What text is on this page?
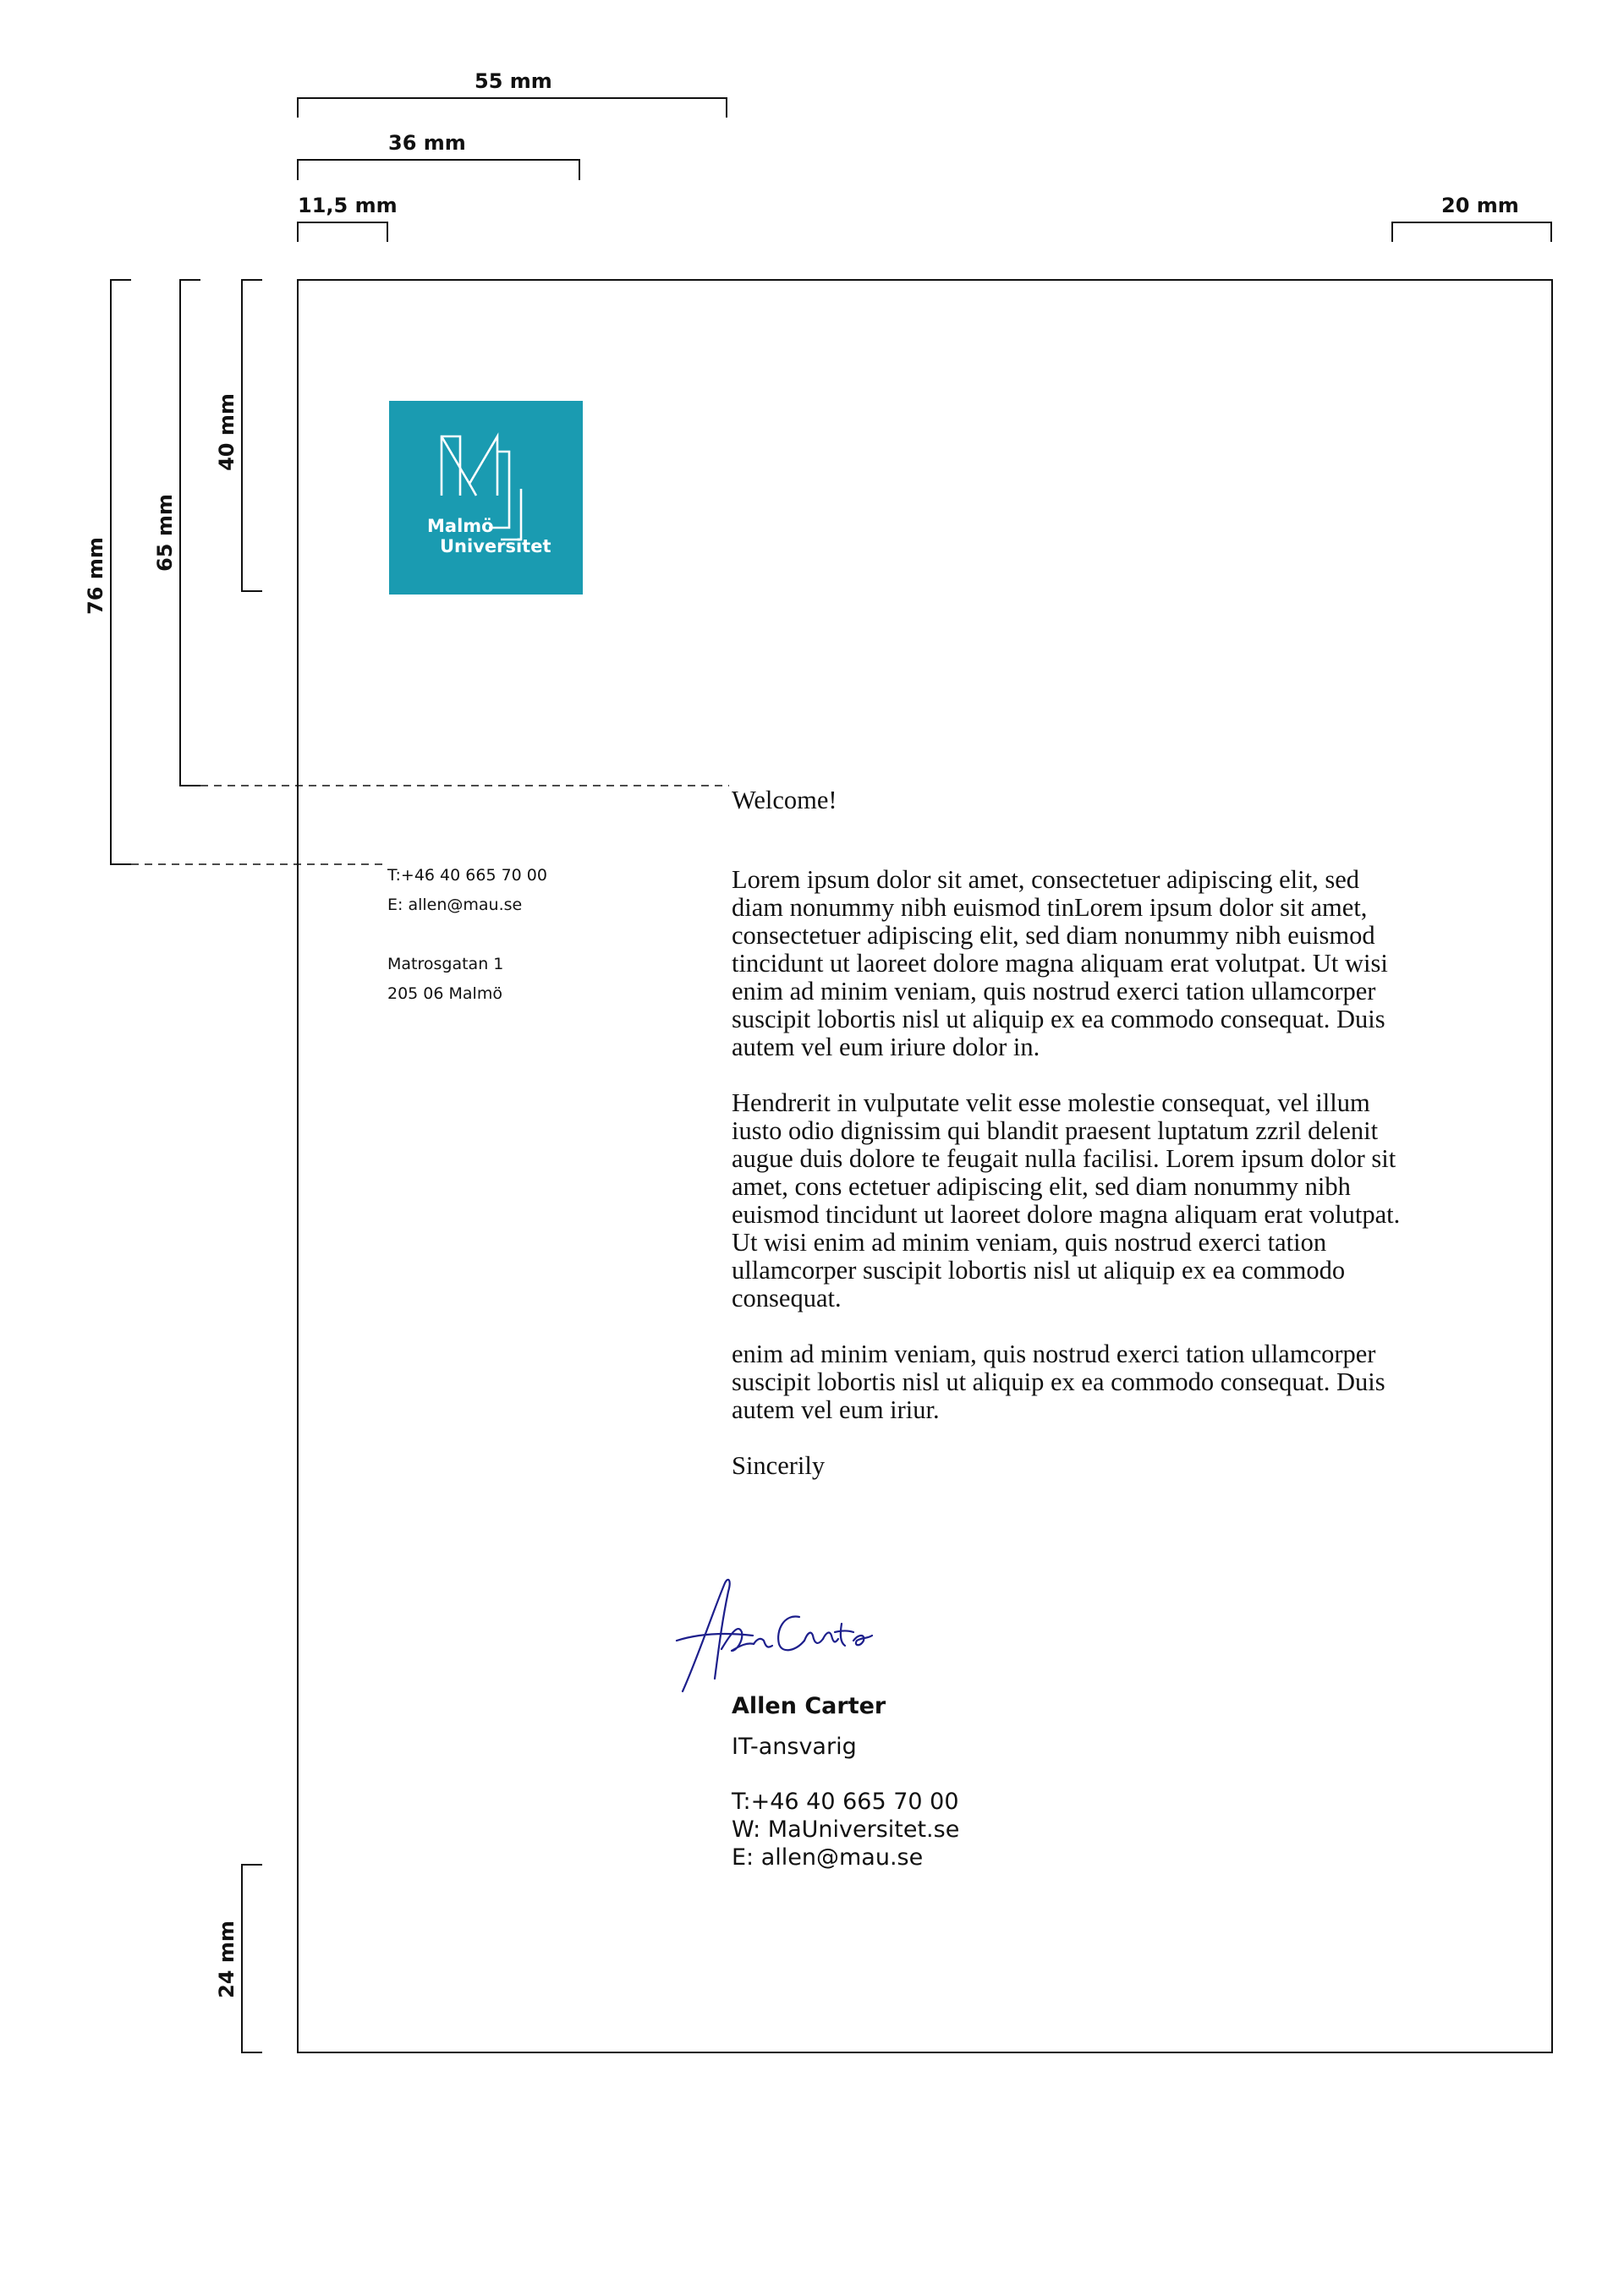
55 mm
36 mm
11,5 mm	20 mm
76 mm
65 mm
40 mm
24 mm
Malmö
Universitet
T:+46 40 665 70 00
E: allen@mau.se
Matrosgatan 1
205 06 Malmö

Welcome!

Lorem ipsum dolor sit amet, consectetuer adipiscing elit, sed diam nonummy nibh euismod tinLorem ipsum dolor sit amet, consectetuer adipiscing elit, sed diam nonummy nibh euismod tincidunt ut laoreet dolore magna aliquam erat volutpat. Ut wisi enim ad minim veniam, quis nostrud exerci tation ullamcorper suscipit lobortis nisl ut aliquip ex ea commodo consequat. Duis autem vel eum iriure dolor in.

Hendrerit in vulputate velit esse molestie consequat, vel illum iusto odio dignissim qui blandit praesent luptatum zzril delenit augue duis dolore te feugait nulla facilisi. Lorem ipsum dolor sit amet, cons ectetuer adipiscing elit, sed diam nonummy nibh euismod tincidunt ut laoreet dolore magna aliquam erat volutpat. Ut wisi enim ad minim veniam, quis nostrud exerci tation ullamcorper suscipit lobortis nisl ut aliquip ex ea commodo consequat.

enim ad minim veniam, quis nostrud exerci tation ullamcorper suscipit lobortis nisl ut aliquip ex ea commodo consequat. Duis autem vel eum iriur.

Sincerily

Allen Carter
IT-ansvarig
T:+46 40 665 70 00
W: MaUniversitet.se
E: allen@mau.se
